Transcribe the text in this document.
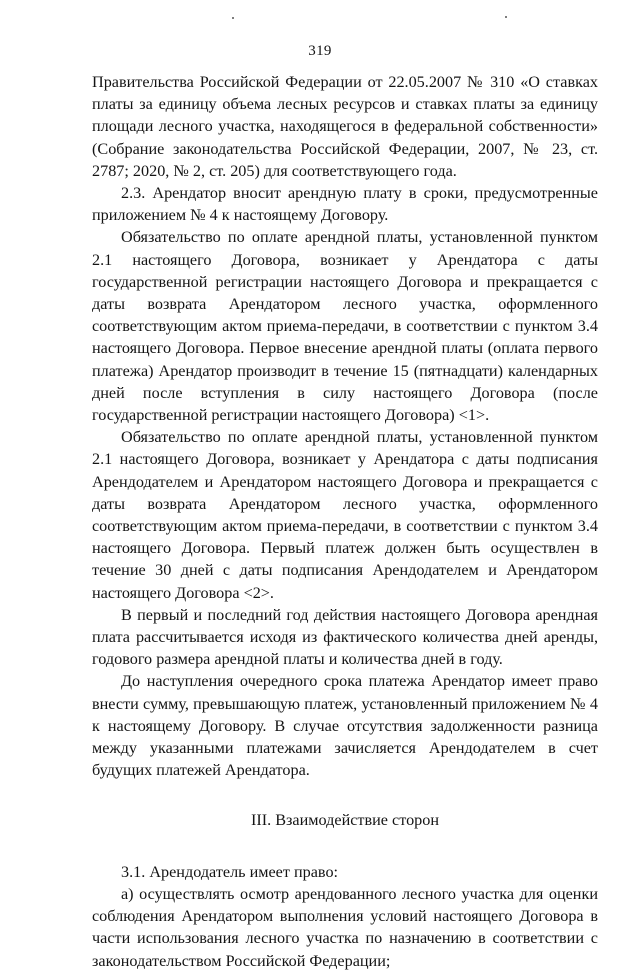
319

Правительства Российской Федерации от 22.05.2007 № 310 «О ставках платы за единицу объема лесных ресурсов и ставках платы за единицу площади лесного участка, находящегося в федеральной собственности» (Собрание законодательства Российской Федерации, 2007, № 23, ст. 2787; 2020, № 2, ст. 205) для соответствующего года.

2.3. Арендатор вносит арендную плату в сроки, предусмотренные приложением № 4 к настоящему Договору.

Обязательство по оплате арендной платы, установленной пунктом 2.1 настоящего Договора, возникает у Арендатора с даты государственной регистрации настоящего Договора и прекращается с даты возврата Арендатором лесного участка, оформленного соответствующим актом приема-передачи, в соответствии с пунктом 3.4 настоящего Договора. Первое внесение арендной платы (оплата первого платежа) Арендатор производит в течение 15 (пятнадцати) календарных дней после вступления в силу настоящего Договора (после государственной регистрации настоящего Договора) <1>.

Обязательство по оплате арендной платы, установленной пунктом 2.1 настоящего Договора, возникает у Арендатора с даты подписания Арендодателем и Арендатором настоящего Договора и прекращается с даты возврата Арендатором лесного участка, оформленного соответствующим актом приема-передачи, в соответствии с пунктом 3.4 настоящего Договора. Первый платеж должен быть осуществлен в течение 30 дней с даты подписания Арендодателем и Арендатором настоящего Договора <2>.

В первый и последний год действия настоящего Договора арендная плата рассчитывается исходя из фактического количества дней аренды, годового размера арендной платы и количества дней в году.

До наступления очередного срока платежа Арендатор имеет право внести сумму, превышающую платеж, установленный приложением № 4 к настоящему Договору. В случае отсутствия задолженности разница между указанными платежами зачисляется Арендодателем в счет будущих платежей Арендатора.

III. Взаимодействие сторон

3.1. Арендодатель имеет право:

а) осуществлять осмотр арендованного лесного участка для оценки соблюдения Арендатором выполнения условий настоящего Договора в части использования лесного участка по назначению в соответствии с законодательством Российской Федерации;
